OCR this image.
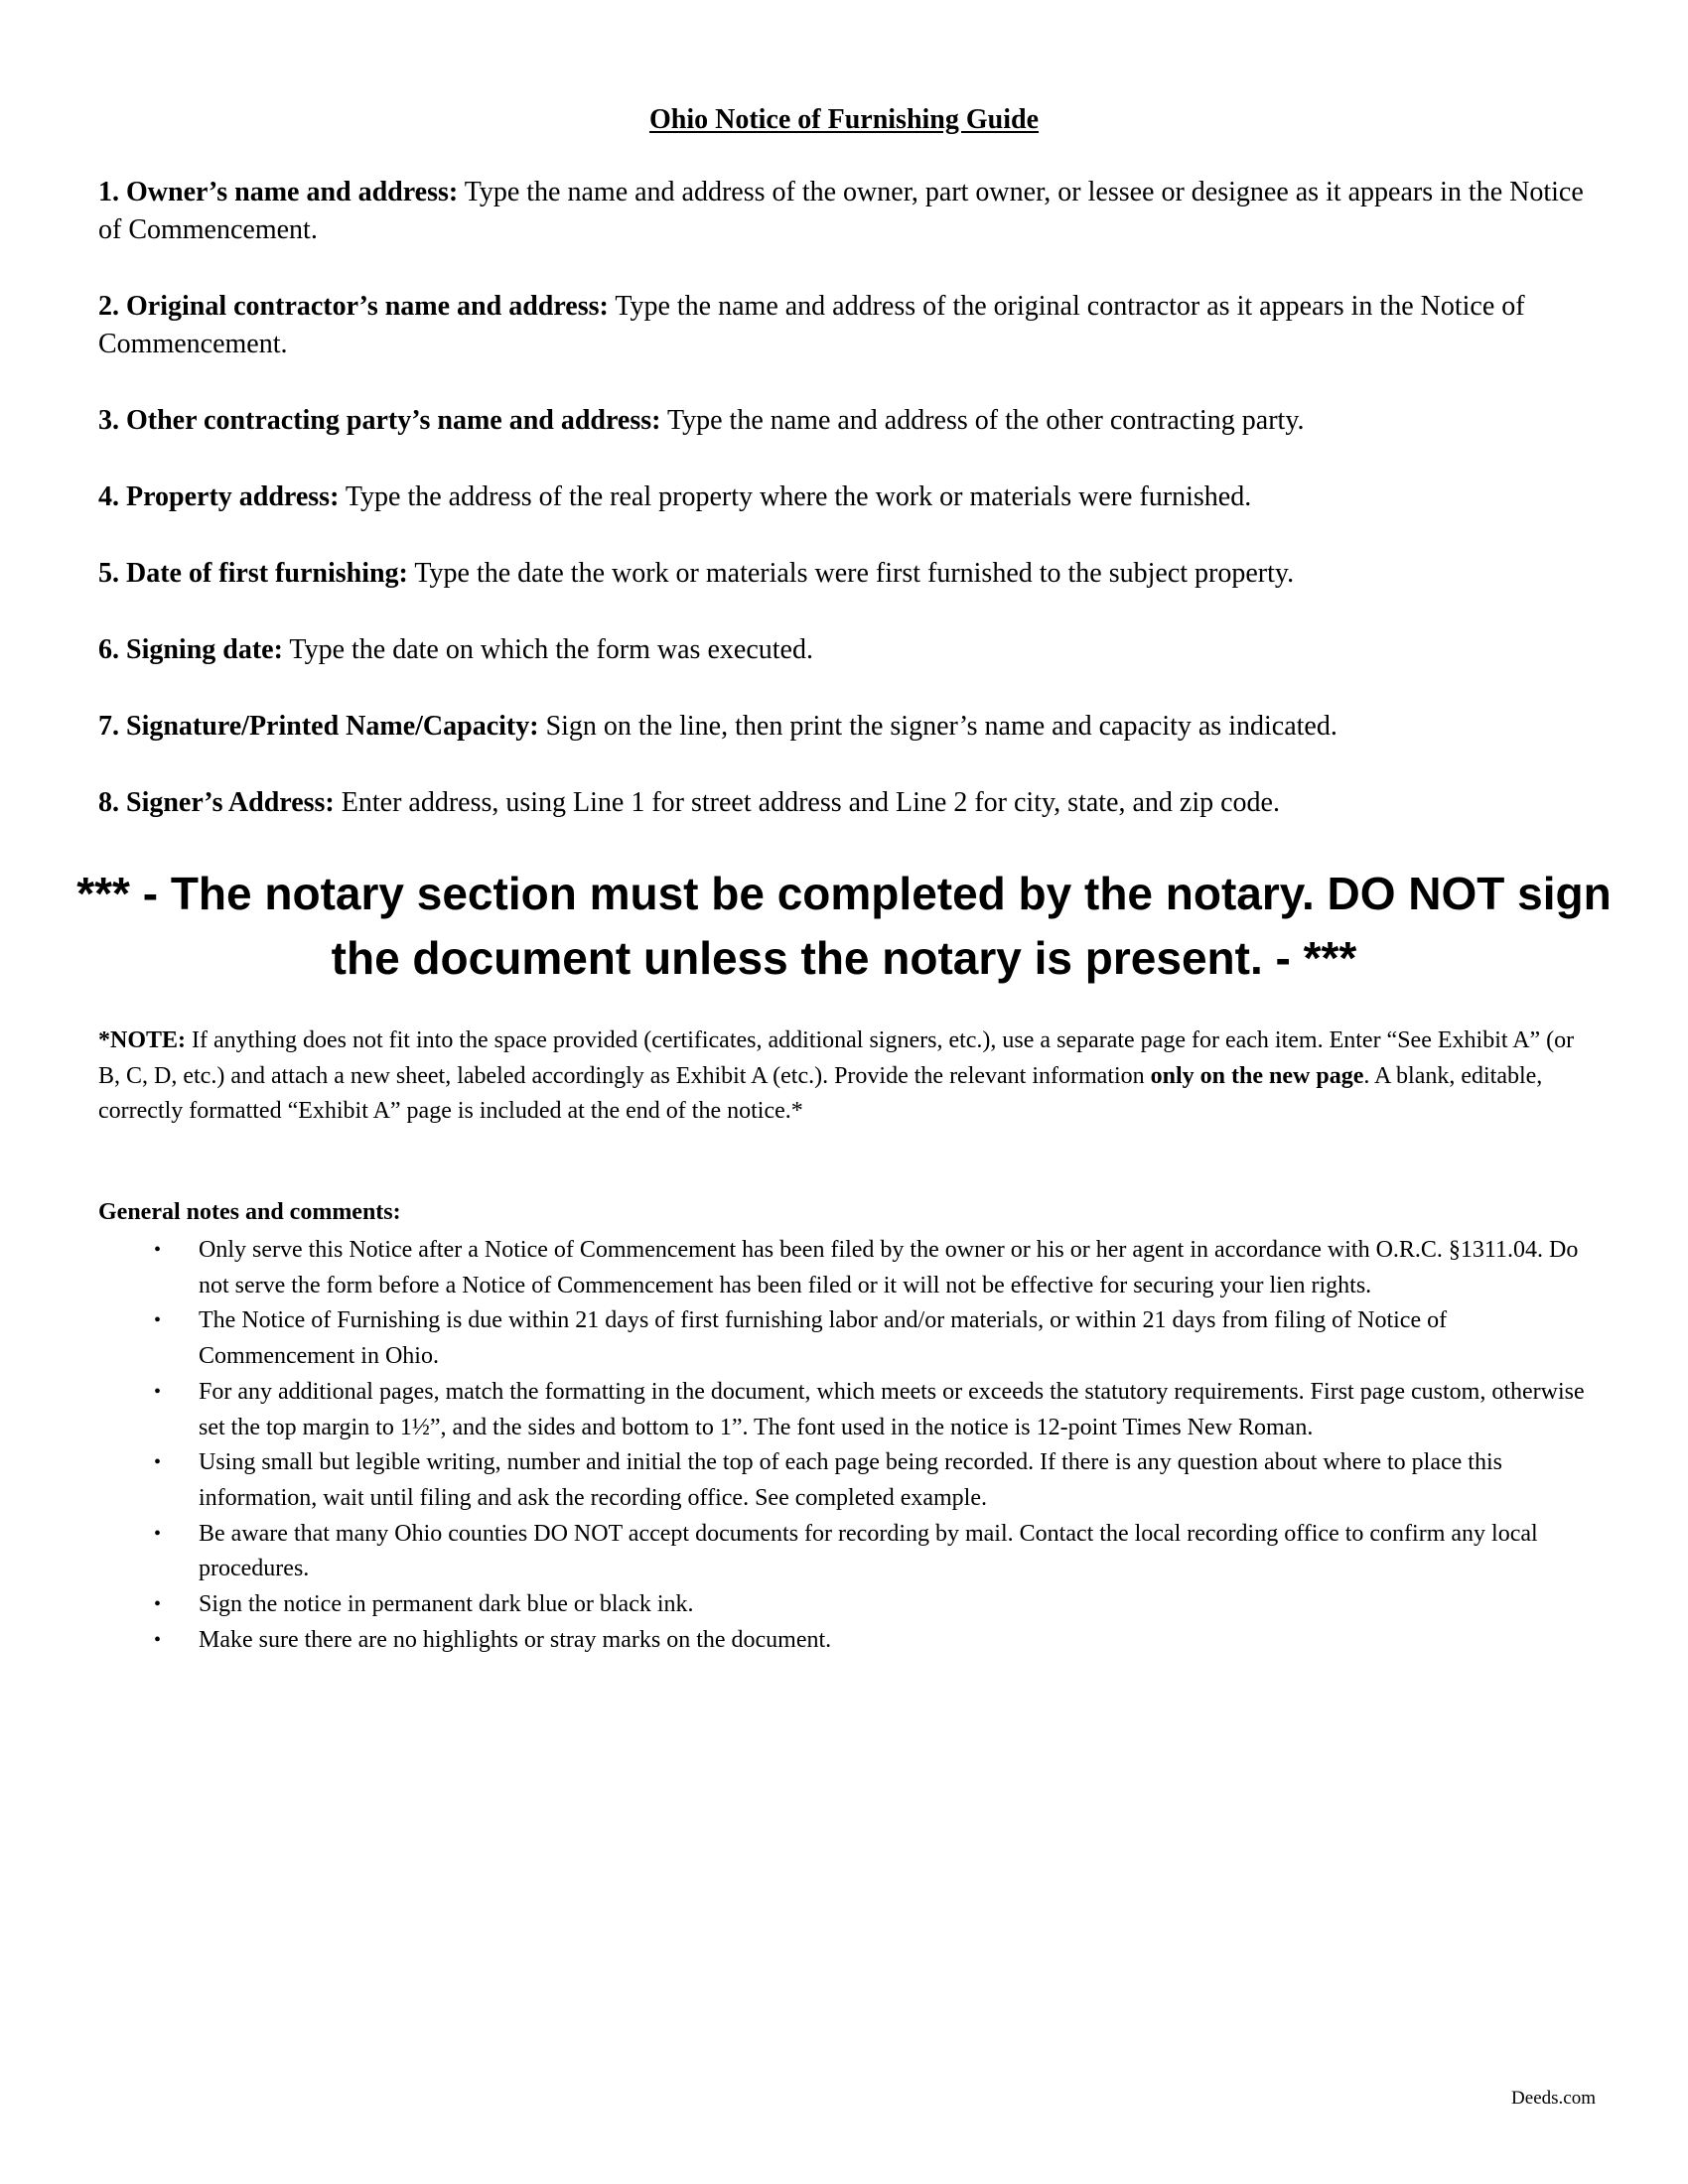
Ohio Notice of Furnishing Guide
1. Owner’s name and address: Type the name and address of the owner, part owner, or lessee or designee as it appears in the Notice of Commencement.
2. Original contractor’s name and address: Type the name and address of the original contractor as it appears in the Notice of Commencement.
3. Other contracting party’s name and address: Type the name and address of the other contracting party.
4. Property address: Type the address of the real property where the work or materials were furnished.
5. Date of first furnishing: Type the date the work or materials were first furnished to the subject property.
6. Signing date: Type the date on which the form was executed.
7. Signature/Printed Name/Capacity: Sign on the line, then print the signer’s name and capacity as indicated.
8. Signer’s Address: Enter address, using Line 1 for street address and Line 2 for city, state, and zip code.
*** - The notary section must be completed by the notary. DO NOT sign the document unless the notary is present. - ***
*NOTE: If anything does not fit into the space provided (certificates, additional signers, etc.), use a separate page for each item. Enter “See Exhibit A” (or B, C, D, etc.) and attach a new sheet, labeled accordingly as Exhibit A (etc.). Provide the relevant information only on the new page. A blank, editable, correctly formatted “Exhibit A” page is included at the end of the notice.*
General notes and comments:
• Only serve this Notice after a Notice of Commencement has been filed by the owner or his or her agent in accordance with O.R.C. §1311.04. Do not serve the form before a Notice of Commencement has been filed or it will not be effective for securing your lien rights.
• The Notice of Furnishing is due within 21 days of first furnishing labor and/or materials, or within 21 days from filing of Notice of Commencement in Ohio.
• For any additional pages, match the formatting in the document, which meets or exceeds the statutory requirements. First page custom, otherwise set the top margin to 1½”, and the sides and bottom to 1”. The font used in the notice is 12-point Times New Roman.
• Using small but legible writing, number and initial the top of each page being recorded. If there is any question about where to place this information, wait until filing and ask the recording office. See completed example.
• Be aware that many Ohio counties DO NOT accept documents for recording by mail. Contact the local recording office to confirm any local procedures.
• Sign the notice in permanent dark blue or black ink.
• Make sure there are no highlights or stray marks on the document.
Deeds.com
